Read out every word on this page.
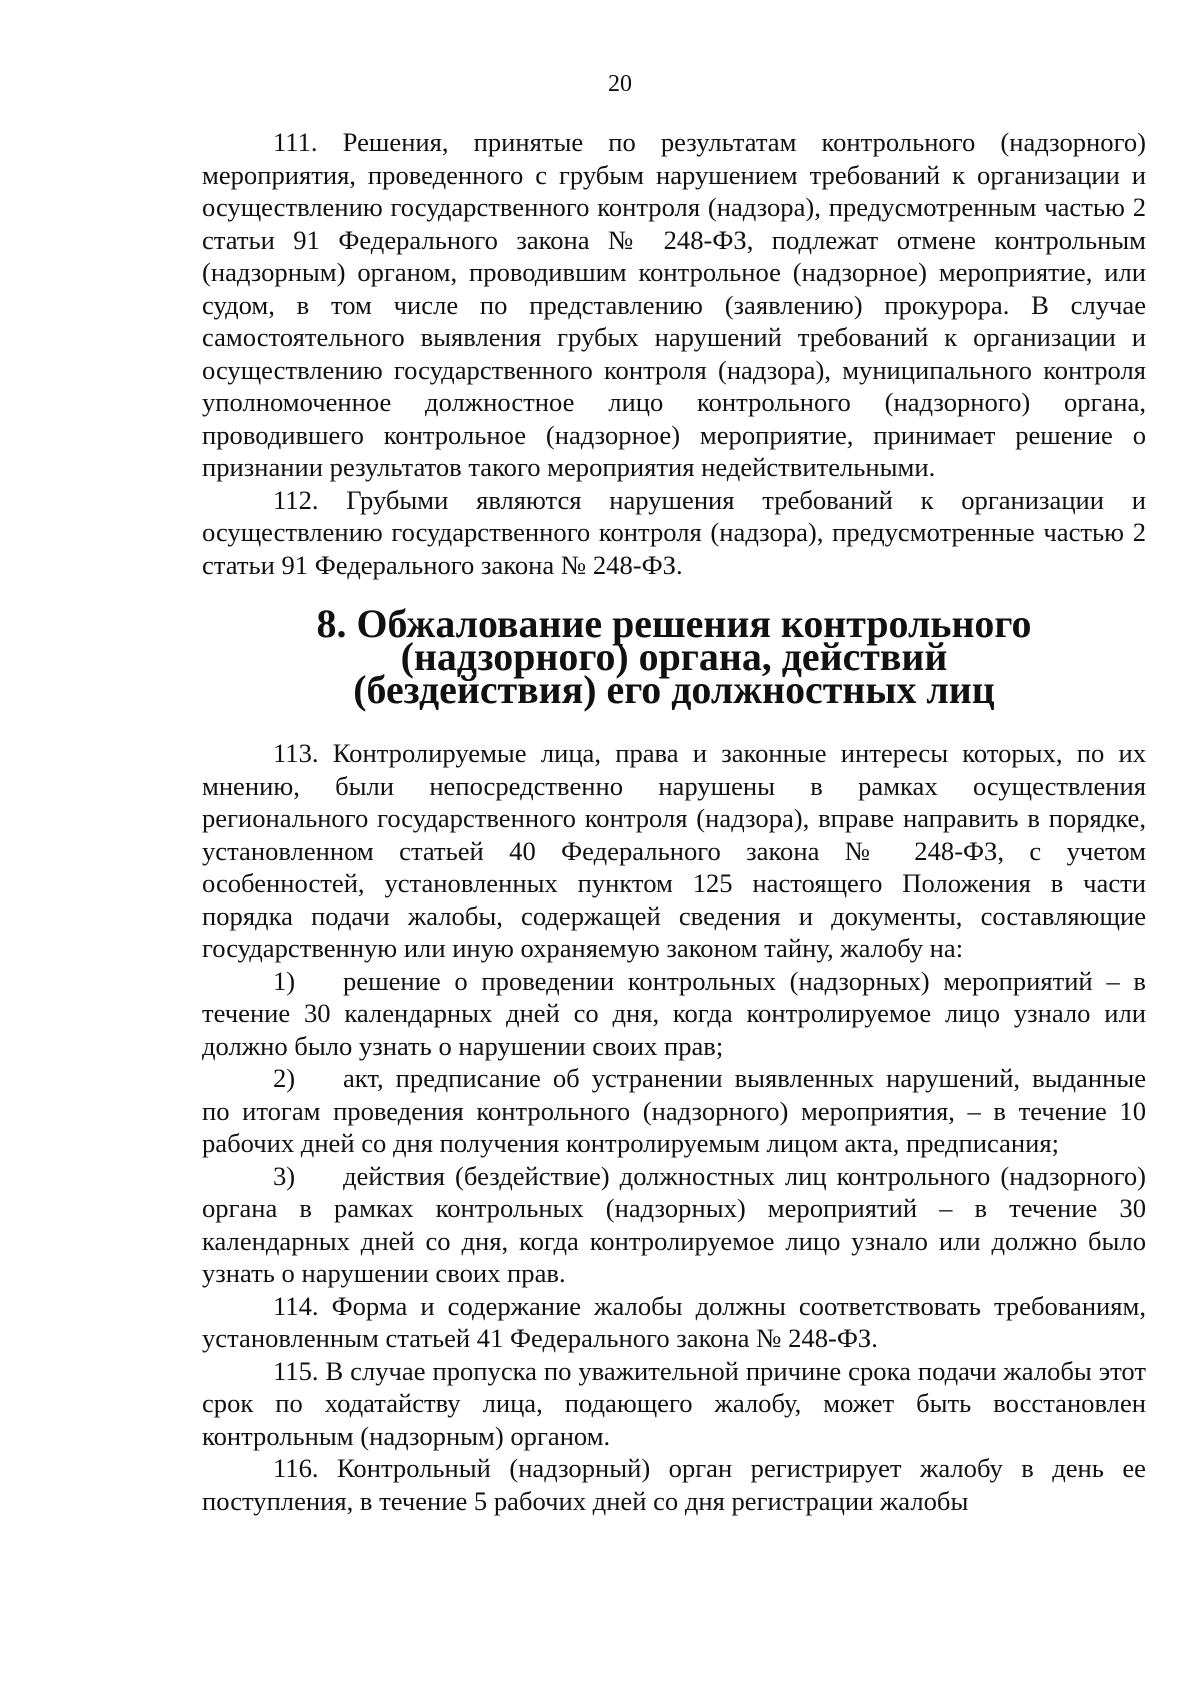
20

111. Решения, принятые по результатам контрольного (надзорного) мероприятия, проведенного с грубым нарушением требований к организации и осуществлению государственного контроля (надзора), предусмотренным частью 2 статьи 91 Федерального закона № 248-ФЗ, подлежат отмене контрольным (надзорным) органом, проводившим контрольное (надзорное) мероприятие, или судом, в том числе по представлению (заявлению) прокурора. В случае самостоятельного выявления грубых нарушений требований к организации и осуществлению государственного контроля (надзора), муниципального контроля уполномоченное должностное лицо контрольного (надзорного) органа, проводившего контрольное (надзорное) мероприятие, принимает решение о признании результатов такого мероприятия недействительными.

112. Грубыми являются нарушения требований к организации и осуществлению государственного контроля (надзора), предусмотренные частью 2 статьи 91 Федерального закона № 248-ФЗ.

8. Обжалование решения контрольного (надзорного) органа, действий
(бездействия) его должностных лиц

113. Контролируемые лица, права и законные интересы которых, по их мнению, были непосредственно нарушены в рамках осуществления регионального государственного контроля (надзора), вправе направить в порядке, установленном статьей 40 Федерального закона № 248-ФЗ, с учетом особенностей, установленных пунктом 125 настоящего Положения в части порядка подачи жалобы, содержащей сведения и документы, составляющие государственную или иную охраняемую законом тайну, жалобу на:

1) решение о проведении контрольных (надзорных) мероприятий – в течение 30 календарных дней со дня, когда контролируемое лицо узнало или должно было узнать о нарушении своих прав;

2) акт, предписание об устранении выявленных нарушений, выданные по итогам проведения контрольного (надзорного) мероприятия, – в течение 10 рабочих дней со дня получения контролируемым лицом акта, предписания;

3) действия (бездействие) должностных лиц контрольного (надзорного) органа в рамках контрольных (надзорных) мероприятий – в течение 30 календарных дней со дня, когда контролируемое лицо узнало или должно было узнать о нарушении своих прав.

114. Форма и содержание жалобы должны соответствовать требованиям, установленным статьей 41 Федерального закона № 248-ФЗ.

115. В случае пропуска по уважительной причине срока подачи жалобы этот срок по ходатайству лица, подающего жалобу, может быть восстановлен контрольным (надзорным) органом.

116. Контрольный (надзорный) орган регистрирует жалобу в день ее поступления, в течение 5 рабочих дней со дня регистрации жалобы
